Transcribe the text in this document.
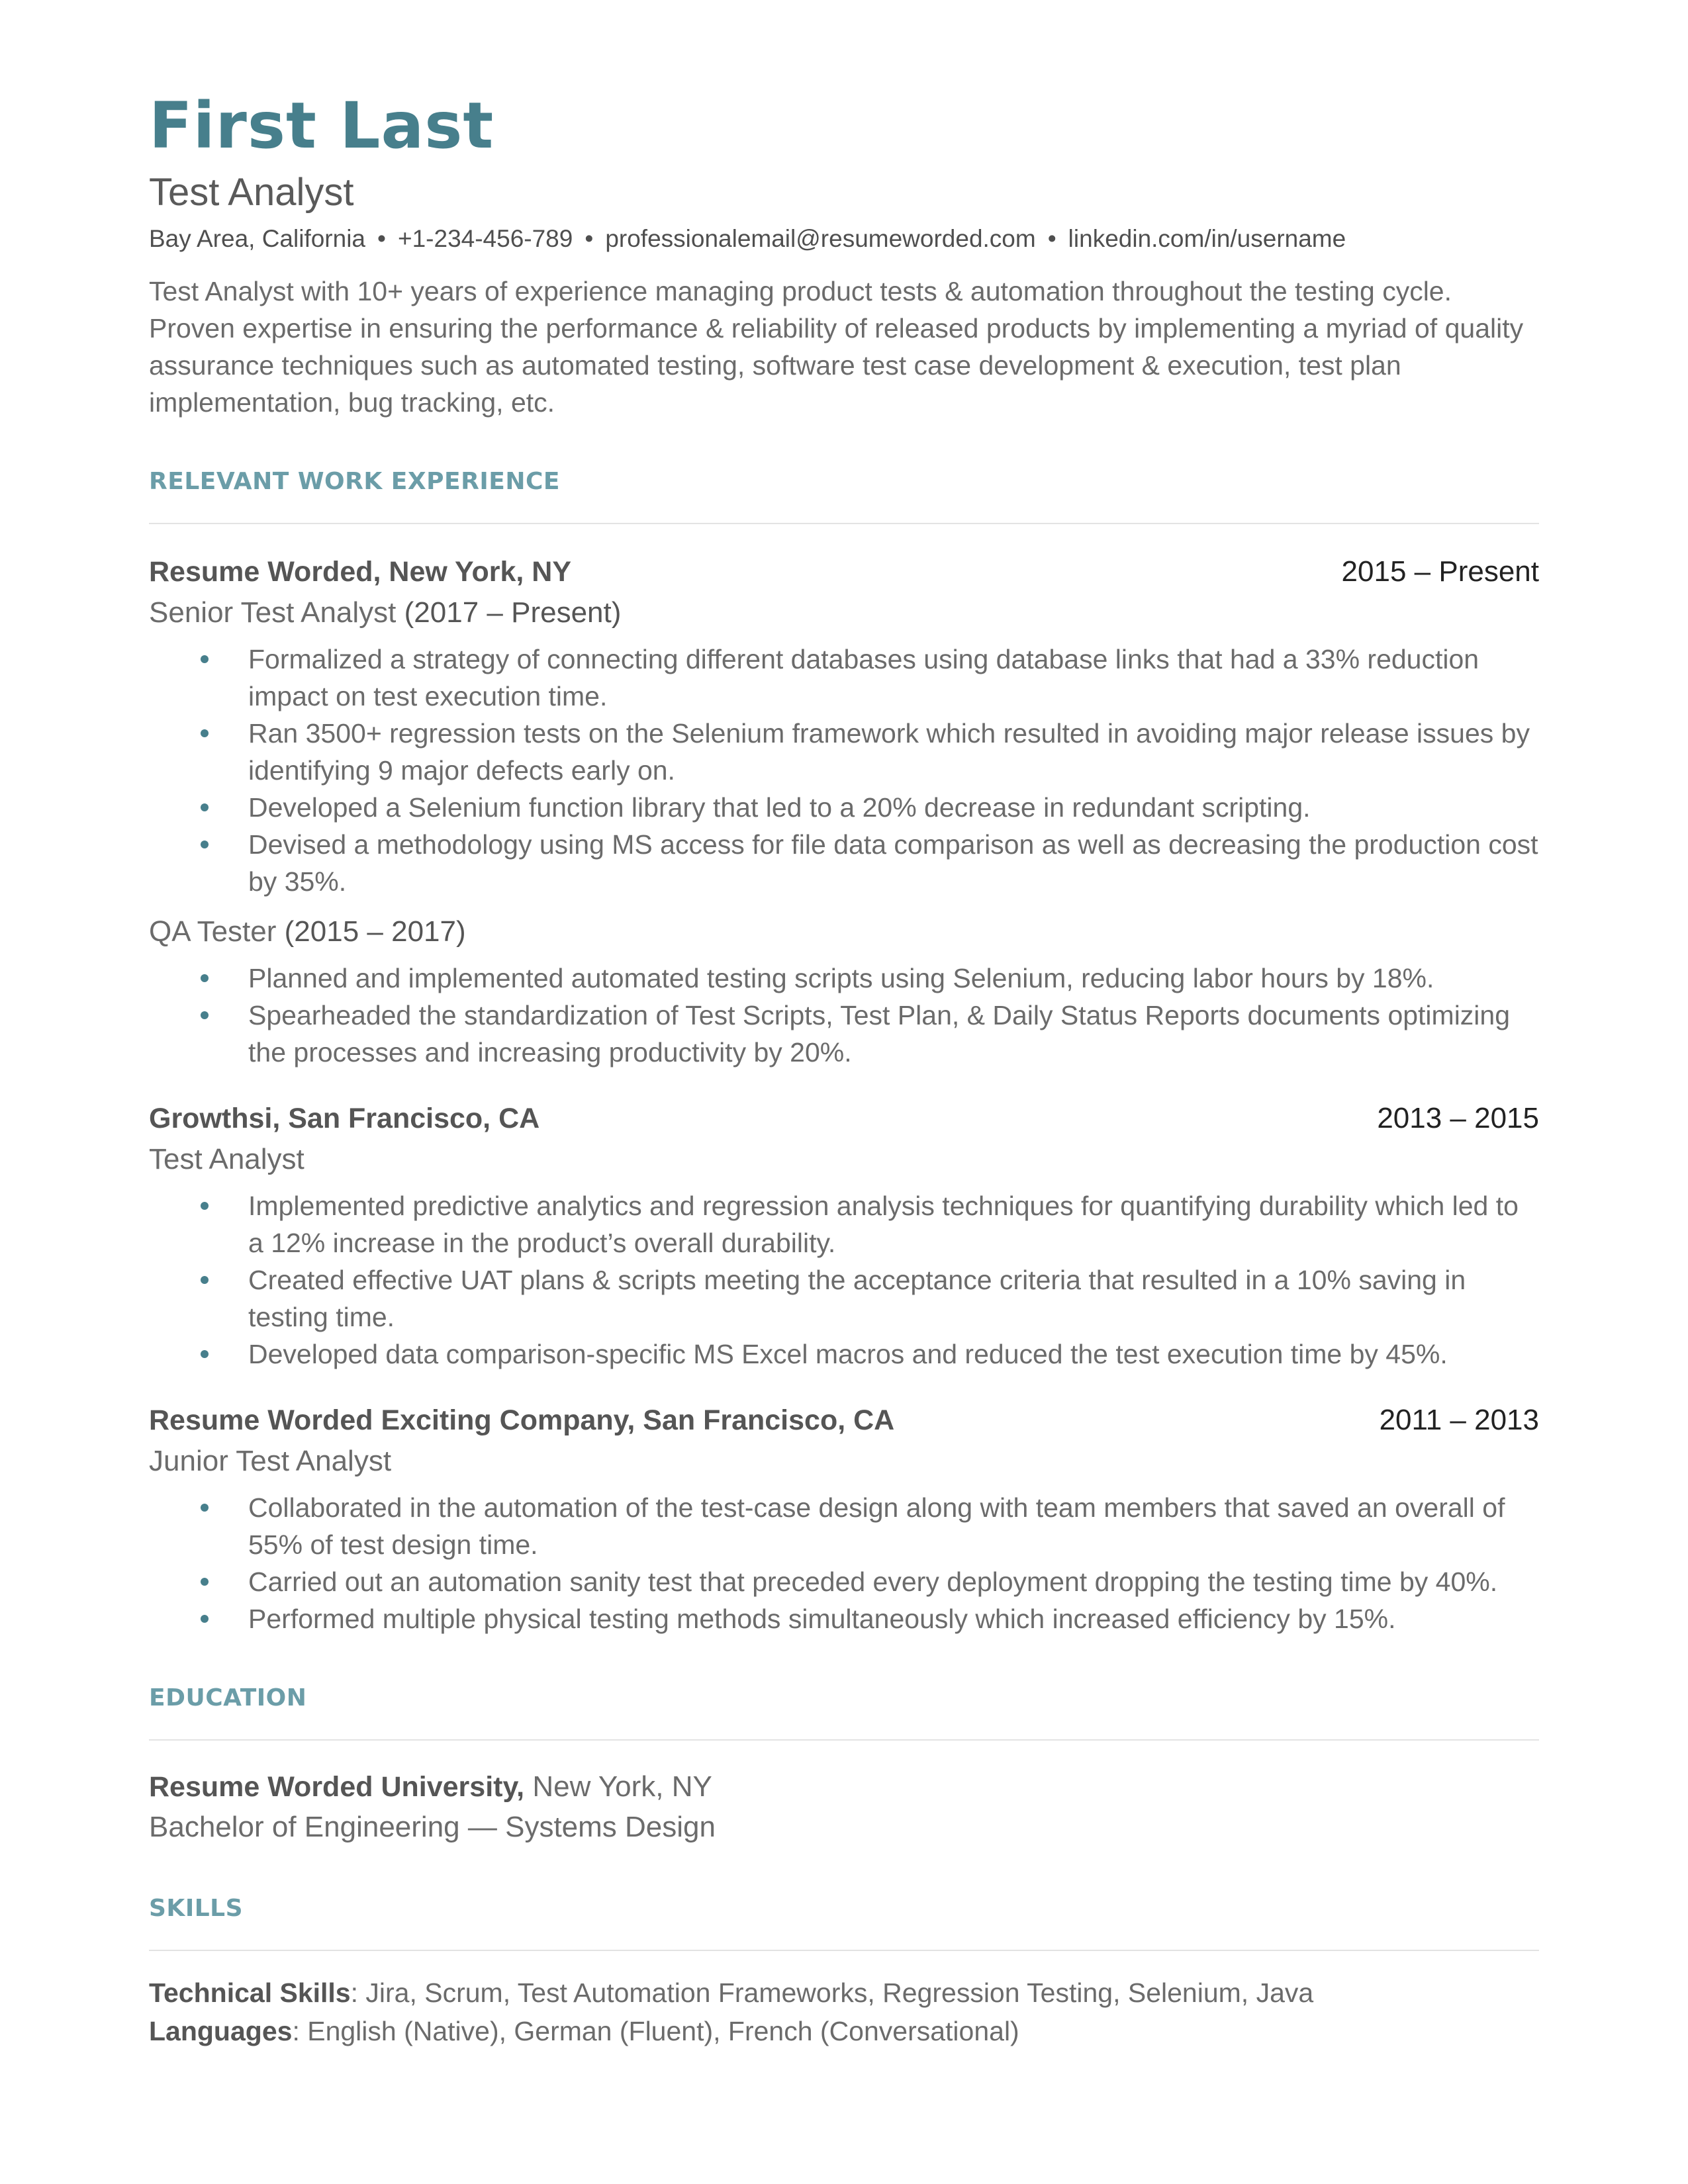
First Last
Test Analyst
Bay Area, California • +1-234-456-789 • professionalemail@resumeworded.com • linkedin.com/in/username
Test Analyst with 10+ years of experience managing product tests & automation throughout the testing cycle. Proven expertise in ensuring the performance & reliability of released products by implementing a myriad of quality assurance techniques such as automated testing, software test case development & execution, test plan implementation, bug tracking, etc.
RELEVANT WORK EXPERIENCE
Resume Worded, New York, NY	2015 – Present
Senior Test Analyst (2017 – Present)
Formalized a strategy of connecting different databases using database links that had a 33% reduction impact on test execution time.
Ran 3500+ regression tests on the Selenium framework which resulted in avoiding major release issues by identifying 9 major defects early on.
Developed a Selenium function library that led to a 20% decrease in redundant scripting.
Devised a methodology using MS access for file data comparison as well as decreasing the production cost by 35%.
QA Tester (2015 – 2017)
Planned and implemented automated testing scripts using Selenium, reducing labor hours by 18%.
Spearheaded the standardization of Test Scripts, Test Plan, & Daily Status Reports documents optimizing the processes and increasing productivity by 20%.
Growthsi, San Francisco, CA	2013 – 2015
Test Analyst
Implemented predictive analytics and regression analysis techniques for quantifying durability which led to a 12% increase in the product’s overall durability.
Created effective UAT plans & scripts meeting the acceptance criteria that resulted in a 10% saving in testing time.
Developed data comparison-specific MS Excel macros and reduced the test execution time by 45%.
Resume Worded Exciting Company, San Francisco, CA	2011 – 2013
Junior Test Analyst
Collaborated in the automation of the test-case design along with team members that saved an overall of 55% of test design time.
Carried out an automation sanity test that preceded every deployment dropping the testing time by 40%.
Performed multiple physical testing methods simultaneously which increased efficiency by 15%.
EDUCATION
Resume Worded University, New York, NY
Bachelor of Engineering — Systems Design
SKILLS
Technical Skills: Jira, Scrum, Test Automation Frameworks, Regression Testing, Selenium, Java
Languages: English (Native), German (Fluent), French (Conversational)
